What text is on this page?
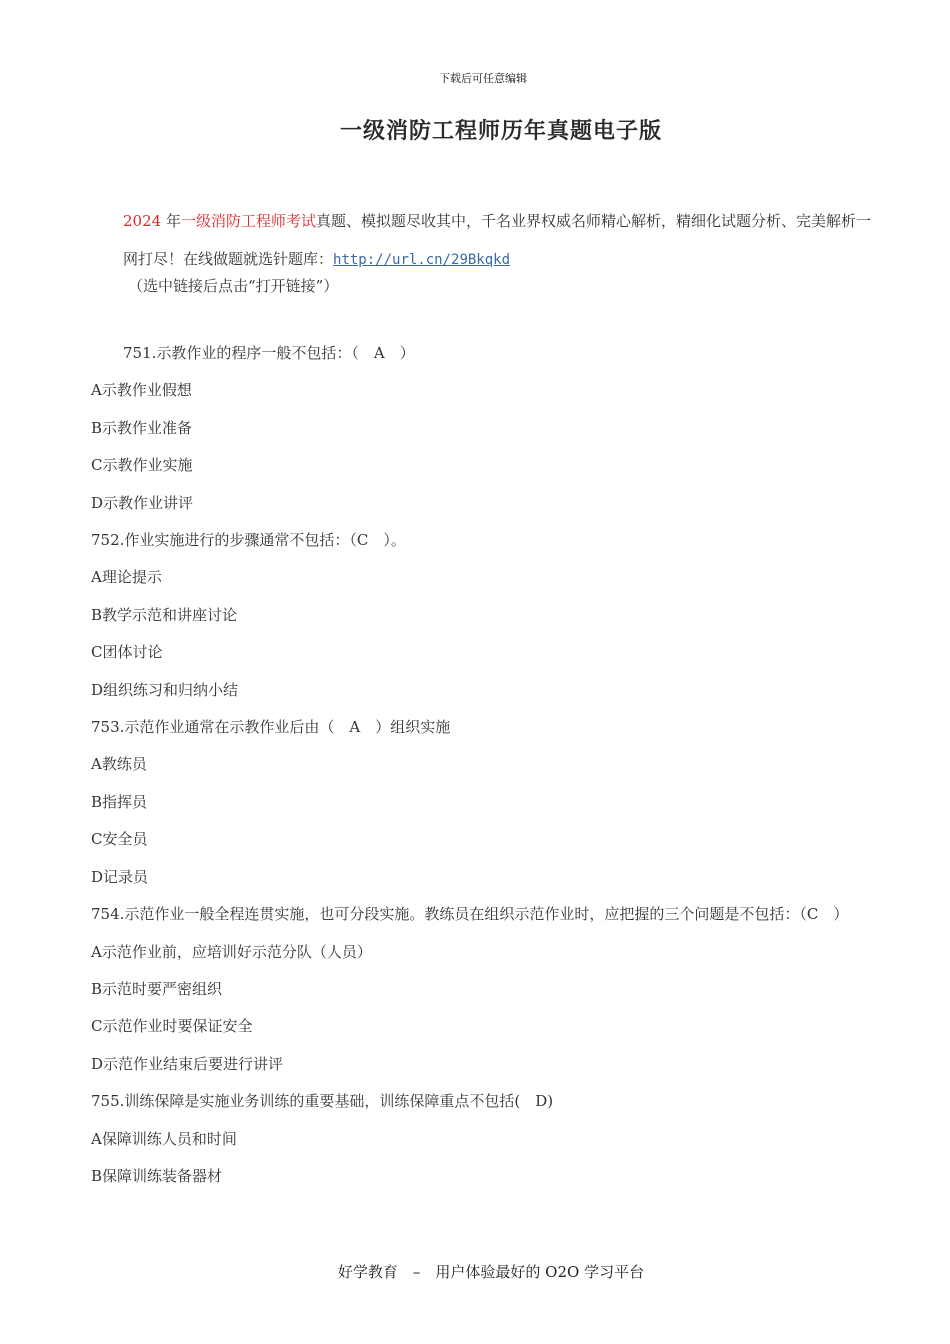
下载后可任意编辑
一级消防工程师历年真题电子版
2024 年一级消防工程师考试真题、模拟题尽收其中，千名业界权威名师精心解析，精细化试题分析、完美解析一网打尽！在线做题就选针题库：http://url.cn/29Bkqkd
（选中链接后点击“打开链接”）
751.示教作业的程序一般不包括：（　A　）
A示教作业假想
B示教作业准备
C示教作业实施
D示教作业讲评
752.作业实施进行的步骤通常不包括：（C　）。
A理论提示
B教学示范和讲座讨论
C团体讨论
D组织练习和归纳小结
753.示范作业通常在示教作业后由（　A　）组织实施
A教练员
B指挥员
C安全员
D记录员
754.示范作业一般全程连贯实施，也可分段实施。教练员在组织示范作业时，应把握的三个问题是不包括：（C　）
A示范作业前，应培训好示范分队（人员）
B示范时要严密组织
C示范作业时要保证安全
D示范作业结束后要进行讲评
755.训练保障是实施业务训练的重要基础，训练保障重点不包括(　D)
A保障训练人员和时间
B保障训练装备器材
好学教育　–　用户体验最好的 O2O 学习平台
